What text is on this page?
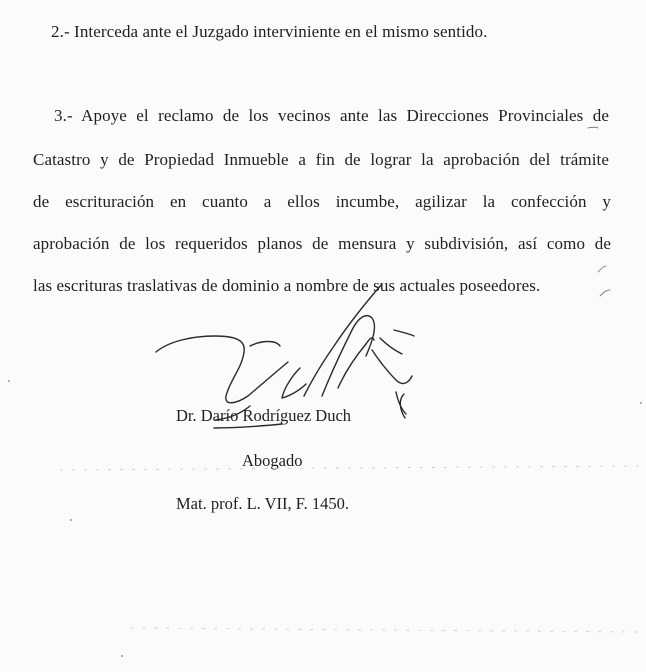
2.- Interceda ante el Juzgado interviniente en el mismo sentido.
3.- Apoye el reclamo de los vecinos ante las Direcciones Provinciales de
Catastro y de Propiedad Inmueble a fin de lograr la aprobación del trámite
de escrituración en cuanto a ellos incumbe, agilizar la confección y
aprobación de los requeridos planos de mensura y subdivisión, así como de
las escrituras traslativas de dominio a nombre de sus actuales poseedores.
Dr. Darío Rodríguez Duch
Abogado
Mat. prof. L. VII, F. 1450.
